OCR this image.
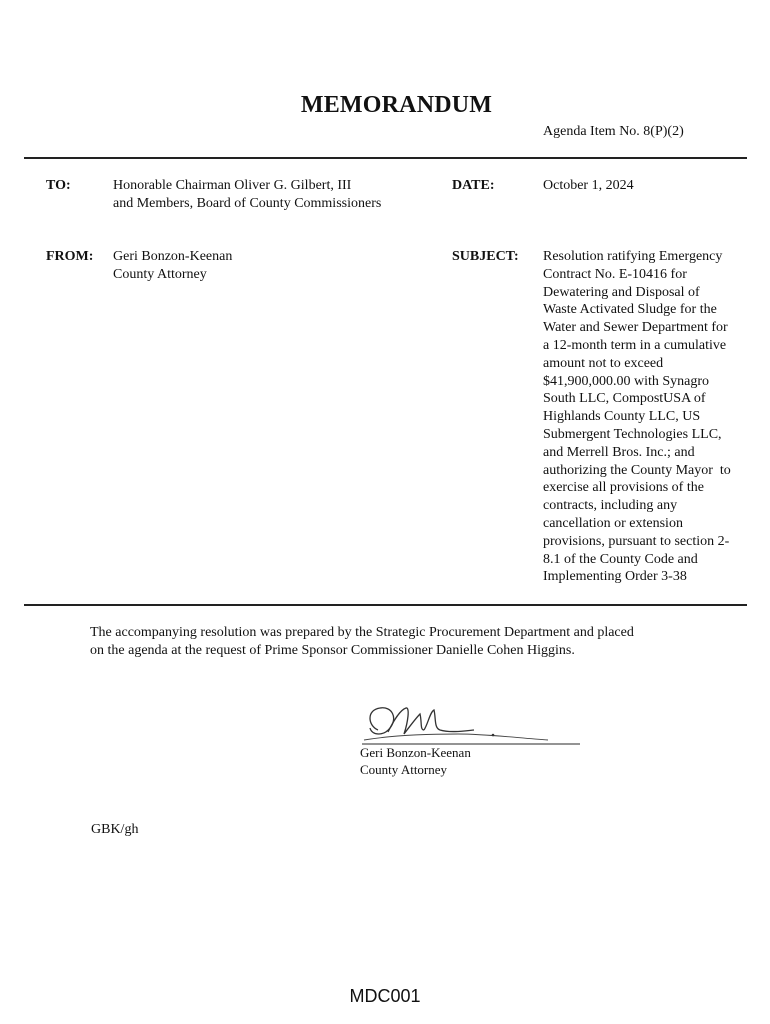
MEMORANDUM
Agenda Item No. 8(P)(2)
TO:	Honorable Chairman Oliver G. Gilbert, III
and Members, Board of County Commissioners
DATE:	October 1, 2024
FROM: Geri Bonzon-Keenan
County Attorney
SUBJECT: Resolution ratifying Emergency
Contract No. E-10416 for
Dewatering and Disposal of
Waste Activated Sludge for the
Water and Sewer Department for
a 12-month term in a cumulative
amount not to exceed
$41,900,000.00 with Synagro
South LLC, CompostUSA of
Highlands County LLC, US
Submergent Technologies LLC,
and Merrell Bros. Inc.; and
authorizing the County Mayor  to
exercise all provisions of the
contracts, including any
cancellation or extension
provisions, pursuant to section 2-
8.1 of the County Code and
Implementing Order 3-38
The accompanying resolution was prepared by the Strategic Procurement Department and placed
on the agenda at the request of Prime Sponsor Commissioner Danielle Cohen Higgins.
Geri Bonzon-Keenan
County Attorney
GBK/gh
MDC001
